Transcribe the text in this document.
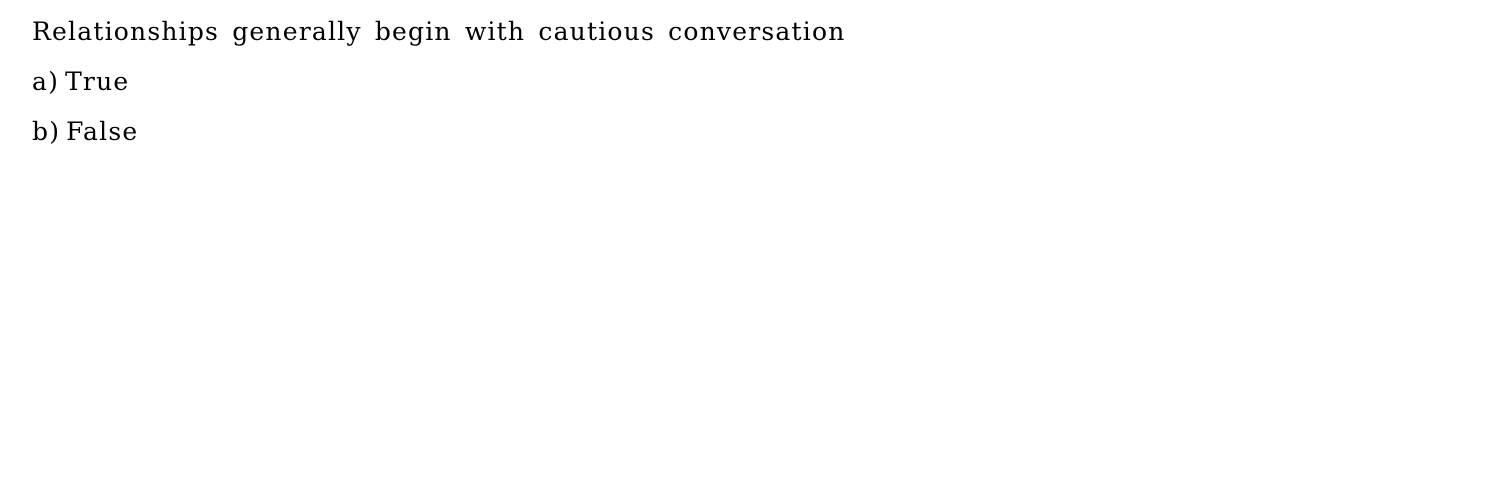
Relationships generally begin with cautious conversation

a) True
b) False
